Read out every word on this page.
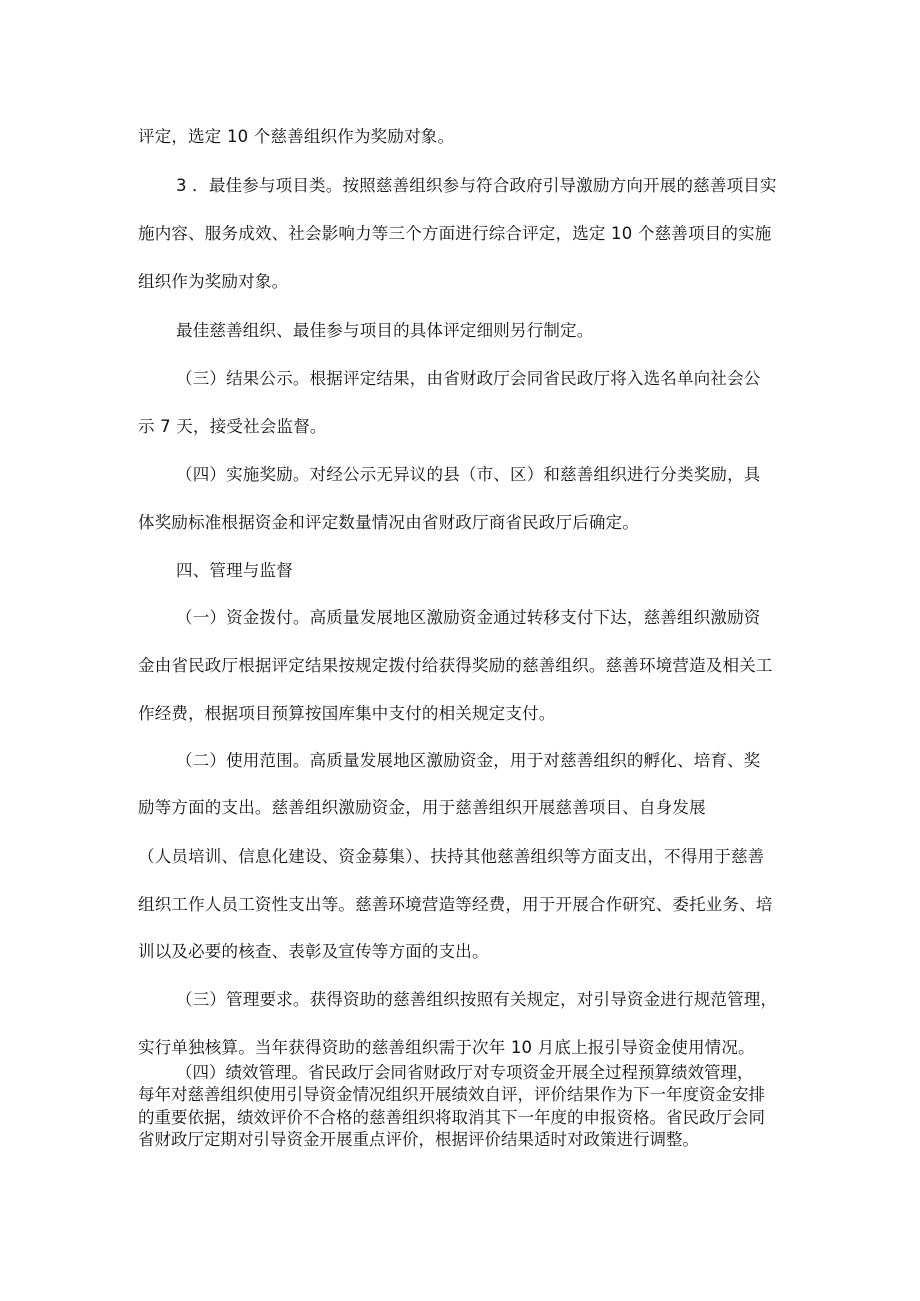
评定，选定 10 个慈善组织作为奖励对象。
3 ．最佳参与项目类。按照慈善组织参与符合政府引导激励方向开展的慈善项目实
施内容、服务成效、社会影响力等三个方面进行综合评定，选定 10 个慈善项目的实施
组织作为奖励对象。
最佳慈善组织、最佳参与项目的具体评定细则另行制定。
（三）结果公示。根据评定结果，由省财政厅会同省民政厅将入选名单向社会公
示 7 天，接受社会监督。
（四）实施奖励。对经公示无异议的县（市、区）和慈善组织进行分类奖励，具
体奖励标准根据资金和评定数量情况由省财政厅商省民政厅后确定。
四、管理与监督
（一）资金拨付。高质量发展地区激励资金通过转移支付下达，慈善组织激励资
金由省民政厅根据评定结果按规定拨付给获得奖励的慈善组织。慈善环境营造及相关工
作经费，根据项目预算按国库集中支付的相关规定支付。
（二）使用范围。高质量发展地区激励资金，用于对慈善组织的孵化、培育、奖
励等方面的支出。慈善组织激励资金，用于慈善组织开展慈善项目、自身发展
（人员培训、信息化建设、资金募集）、扶持其他慈善组织等方面支出，不得用于慈善
组织工作人员工资性支出等。慈善环境营造等经费，用于开展合作研究、委托业务、培
训以及必要的核查、表彰及宣传等方面的支出。
（三）管理要求。获得资助的慈善组织按照有关规定，对引导资金进行规范管理，
实行单独核算。当年获得资助的慈善组织需于次年 10 月底上报引导资金使用情况。
（四）绩效管理。省民政厅会同省财政厅对专项资金开展全过程预算绩效管理，
每年对慈善组织使用引导资金情况组织开展绩效自评，评价结果作为下一年度资金安排
的重要依据，绩效评价不合格的慈善组织将取消其下一年度的申报资格。省民政厅会同
省财政厅定期对引导资金开展重点评价，根据评价结果适时对政策进行调整。
